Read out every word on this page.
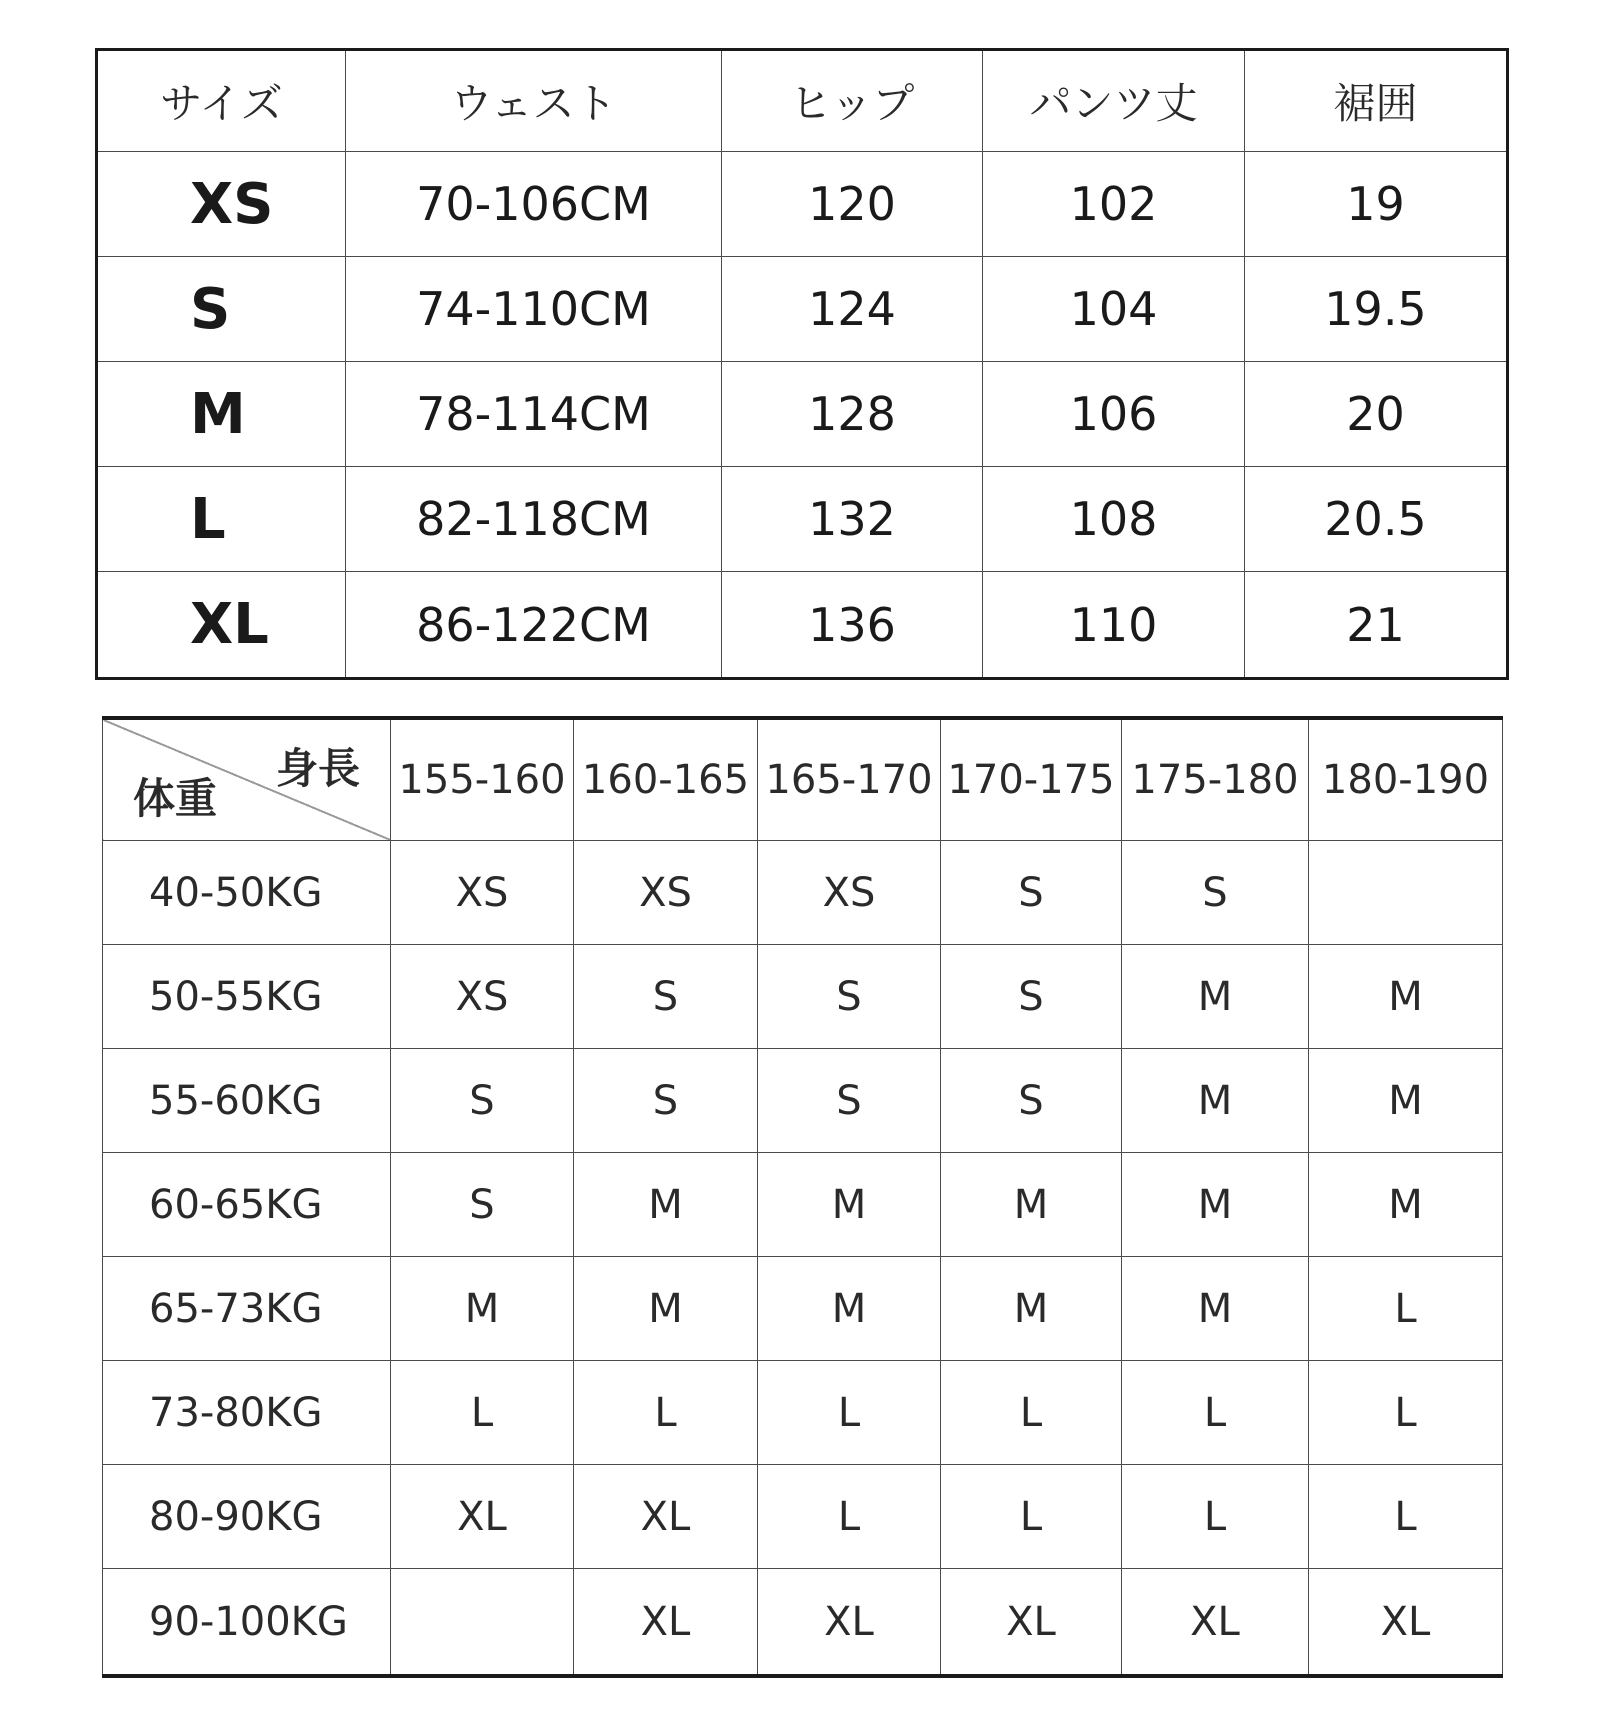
サイズ	ウェスト	ヒップ	パンツ丈	裾囲
XS	70-106CM	120	102	19
S	74-110CM	124	104	19.5
M	78-114CM	128	106	20
L	82-118CM	132	108	20.5
XL	86-122CM	136	110	21
身長
体重	155-160	160-165	165-170	170-175	175-180	180-190
40-50KG	XS	XS	XS	S	S	
50-55KG	XS	S	S	S	M	M
55-60KG	S	S	S	S	M	M
60-65KG	S	M	M	M	M	M
65-73KG	M	M	M	M	M	L
73-80KG	L	L	L	L	L	L
80-90KG	XL	XL	L	L	L	L
90-100KG		XL	XL	XL	XL	XL
